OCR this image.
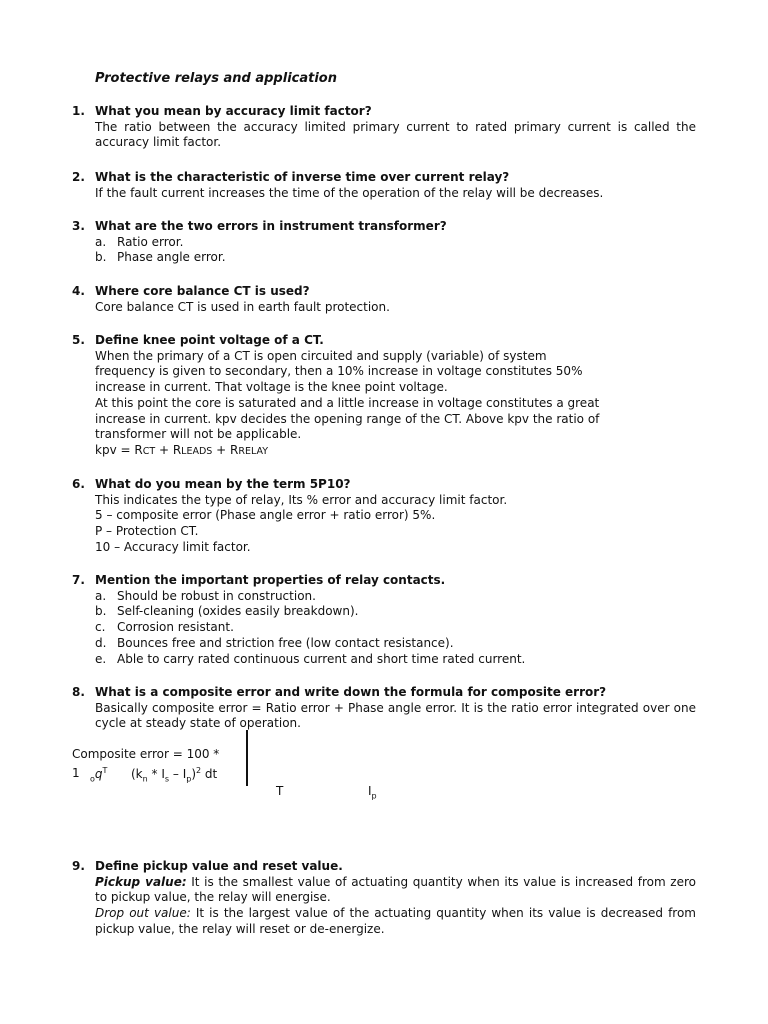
Protective relays and application
1. What you mean by accuracy limit factor?
The ratio between the accuracy limited primary current to rated primary current is called the accuracy limit factor.
2. What is the characteristic of inverse time over current relay?
If the fault current increases the time of the operation of the relay will be decreases.
3. What are the two errors in instrument transformer?
a. Ratio error.
b. Phase angle error.
4. Where core balance CT is used?
Core balance CT is used in earth fault protection.
5. Define knee point voltage of a CT.
When the primary of a CT is open circuited and supply (variable) of system
frequency is given to secondary, then a 10% increase in voltage constitutes 50%
increase in current. That voltage is the knee point voltage.
At this point the core is saturated and a little increase in voltage constitutes a great
increase in current. kpv decides the opening range of the CT. Above kpv the ratio of
transformer will not be applicable.
kpv = RCT + RLEADS + RRELAY
6. What do you mean by the term 5P10?
This indicates the type of relay, Its % error and accuracy limit factor.
5 – composite error (Phase angle error + ratio error) 5%.
P – Protection CT.
10 – Accuracy limit factor.
7. Mention the important properties of relay contacts.
a. Should be robust in construction.
b. Self-cleaning (oxides easily breakdown).
c. Corrosion resistant.
d. Bounces free and striction free (low contact resistance).
e. Able to carry rated continuous current and short time rated current.
8. What is a composite error and write down the formula for composite error?
Basically composite error = Ratio error + Phase angle error. It is the ratio error integrated over one cycle at steady state of operation.
Composite error = 100 *
1 $_oq^T$ $(k_n * I_s - I_p)^2$ dt
T	$I_p$
9. Define pickup value and reset value.
Pickup value: It is the smallest value of actuating quantity when its value is increased from zero to pickup value, the relay will energise.
Drop out value: It is the largest value of the actuating quantity when its value is decreased from pickup value, the relay will reset or de-energize.
